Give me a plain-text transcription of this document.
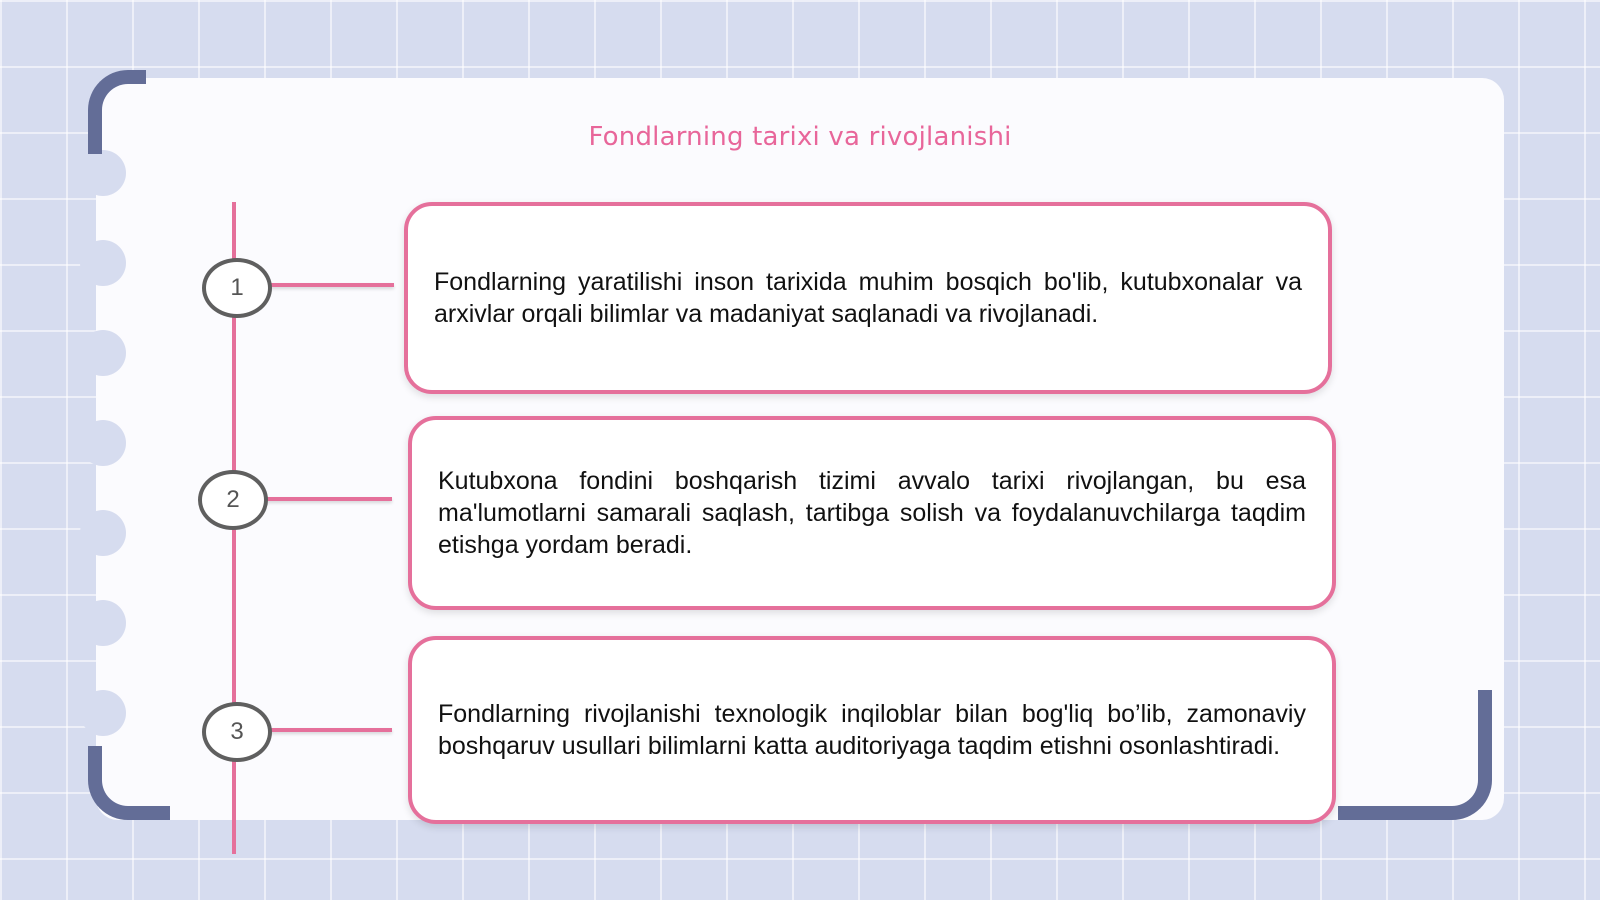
Fondlarning tarixi va rivojlanishi
1
2
3

Fondlarning yaratilishi inson tarixida muhim bosqich bo'lib, kutubxonalar va arxivlar orqali bilimlar va madaniyat saqlanadi va rivojlanadi.

Kutubxona fondini boshqarish tizimi avvalo tarixi rivojlangan, bu esa ma'lumotlarni samarali saqlash, tartibga solish va foydalanuvchilarga taqdim etishga yordam beradi.

Fondlarning rivojlanishi texnologik inqiloblar bilan bog'liq bo’lib, zamonaviy boshqaruv usullari bilimlarni katta auditoriyaga taqdim etishni osonlashtiradi.
